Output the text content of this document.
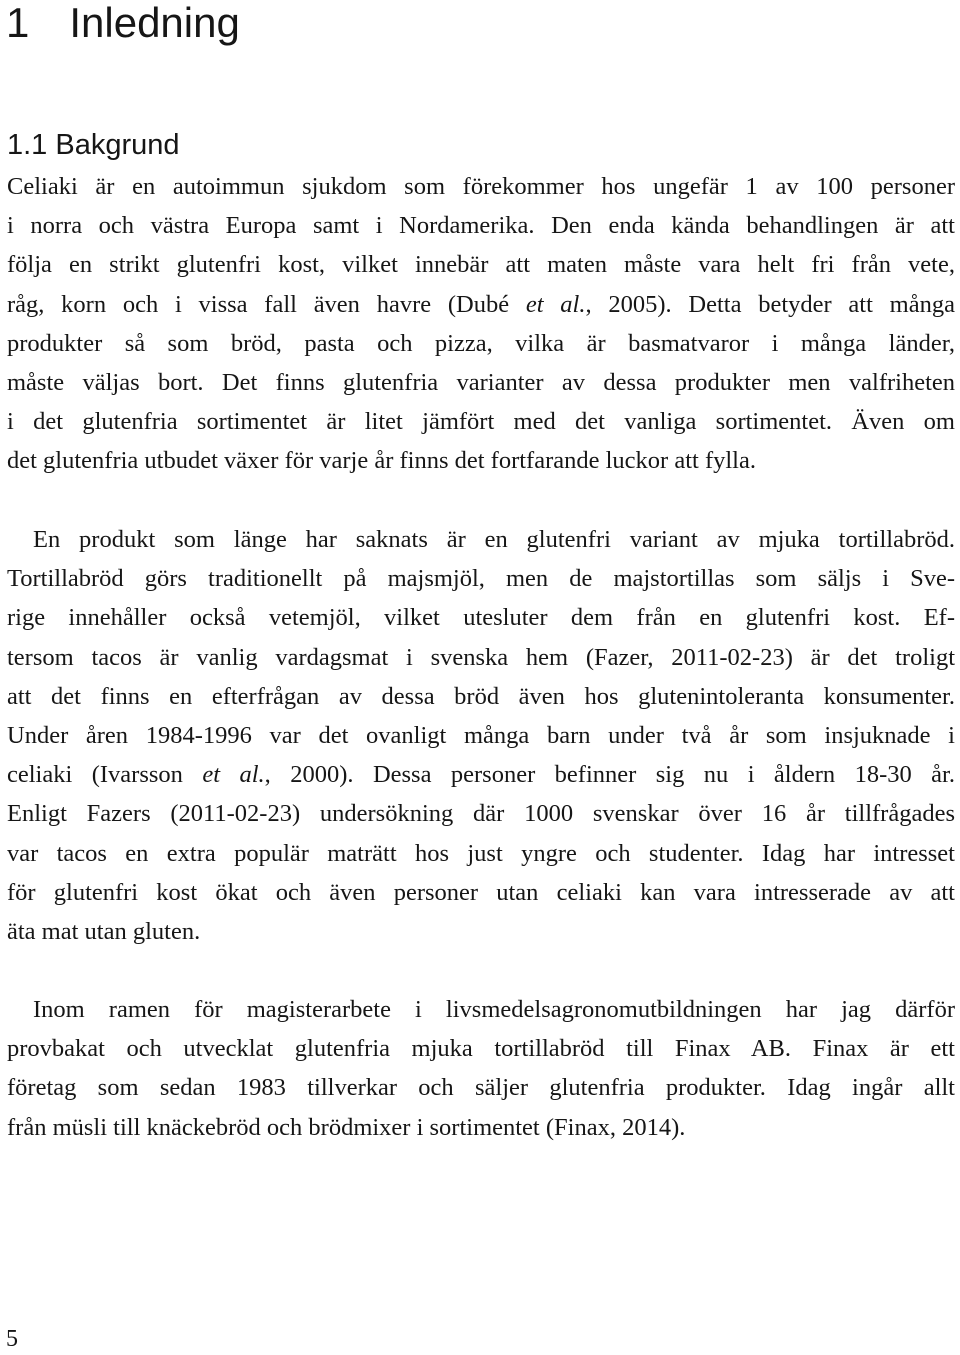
1 Inledning
1.1 Bakgrund
Celiaki är en autoimmun sjukdom som förekommer hos ungefär 1 av 100 personer
i norra och västra Europa samt i Nordamerika. Den enda kända behandlingen är att
följa en strikt glutenfri kost, vilket innebär att maten måste vara helt fri från vete,
råg, korn och i vissa fall även havre (Dubé et al., 2005). Detta betyder att många
produkter så som bröd, pasta och pizza, vilka är basmatvaror i många länder,
måste väljas bort. Det finns glutenfria varianter av dessa produkter men valfriheten
i det glutenfria sortimentet är litet jämfört med det vanliga sortimentet. Även om
det glutenfria utbudet växer för varje år finns det fortfarande luckor att fylla.
En produkt som länge har saknats är en glutenfri variant av mjuka tortillabröd.
Tortillabröd görs traditionellt på majsmjöl, men de majstortillas som säljs i Sve-
rige innehåller också vetemjöl, vilket utesluter dem från en glutenfri kost. Ef-
tersom tacos är vanlig vardagsmat i svenska hem (Fazer, 2011-02-23) är det troligt
att det finns en efterfrågan av dessa bröd även hos glutenintoleranta konsumenter.
Under åren 1984-1996 var det ovanligt många barn under två år som insjuknade i
celiaki (Ivarsson et al., 2000). Dessa personer befinner sig nu i åldern 18-30 år.
Enligt Fazers (2011-02-23) undersökning där 1000 svenskar över 16 år tillfrågades
var tacos en extra populär maträtt hos just yngre och studenter. Idag har intresset
för glutenfri kost ökat och även personer utan celiaki kan vara intresserade av att
äta mat utan gluten.
Inom ramen för magisterarbete i livsmedelsagronomutbildningen har jag därför
provbakat och utvecklat glutenfria mjuka tortillabröd till Finax AB. Finax är ett
företag som sedan 1983 tillverkar och säljer glutenfria produkter. Idag ingår allt
från müsli till knäckebröd och brödmixer i sortimentet (Finax, 2014).
5
